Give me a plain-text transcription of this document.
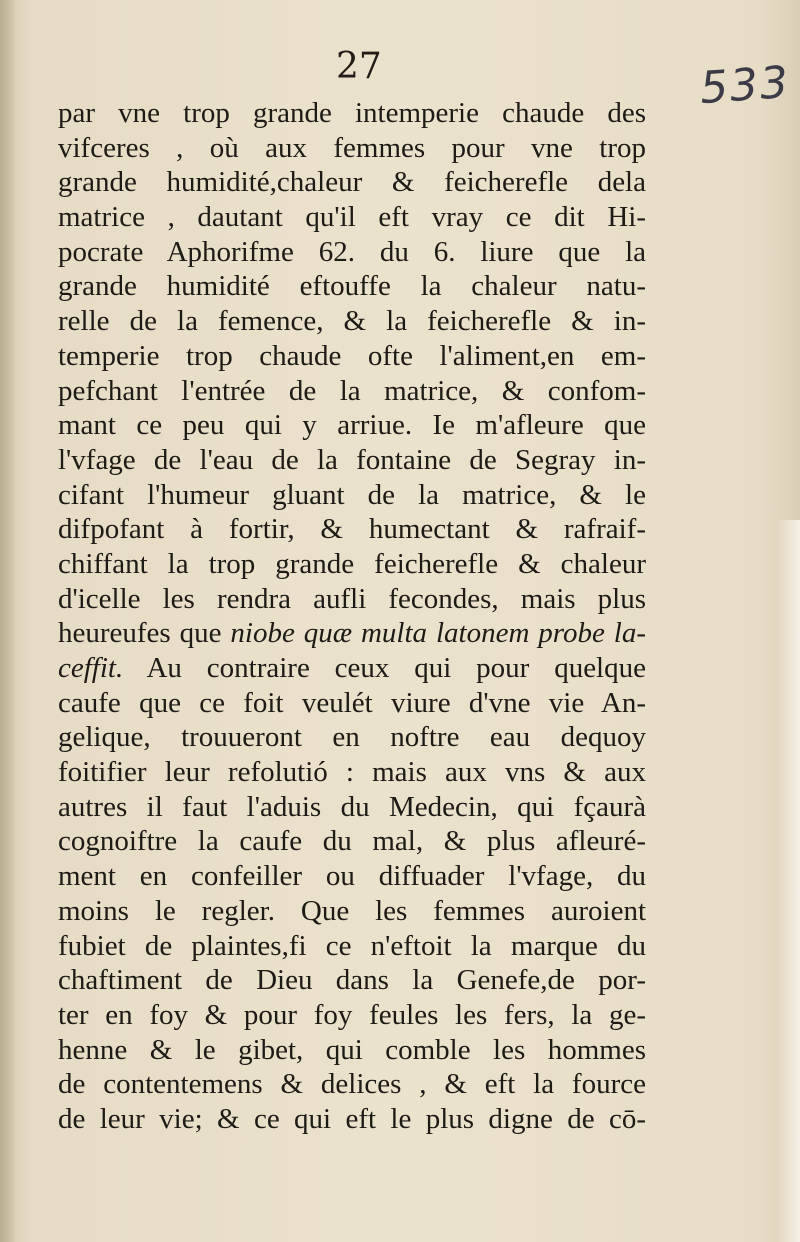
27	533
par vne trop grande intemperie chaude des
vifceres , où aux femmes pour vne trop
grande humidité,chaleur & feicherefle dela
matrice , dautant qu'il eft vray ce dit Hi-
pocrate Aphorifme 62. du 6. liure que la
grande humidité eftouffe la chaleur natu-
relle de la femence, & la feicherefle & in-
temperie trop chaude ofte l'aliment,en em-
pefchant l'entrée de la matrice, & confom-
mant ce peu qui y arriue. Ie m'afleure que
l'vfage de l'eau de la fontaine de Segray in-
cifant l'humeur gluant de la matrice, & le
difpofant à fortir, & humectant & rafraif-
chiffant la trop grande feicherefle & chaleur
d'icelle les rendra aufli fecondes, mais plus
heureufes que niobe quæ multa latonem probe la-
ceffit. Au contraire ceux qui pour quelque
caufe que ce foit veulét viure d'vne vie An-
gelique, trouueront en noftre eau dequoy
foitifier leur refolutió : mais aux vns & aux
autres il faut l'aduis du Medecin, qui fçaurà
cognoiftre la caufe du mal, & plus afleuré-
ment en confeiller ou diffuader l'vfage, du
moins le regler. Que les femmes auroient
fubiet de plaintes,fi ce n'eftoit la marque du
chaftiment de Dieu dans la Genefe,de por-
ter en foy & pour foy feules les fers, la ge-
henne & le gibet, qui comble les hommes
de contentemens & delices , & eft la fource
de leur vie; & ce qui eft le plus digne de cō-
